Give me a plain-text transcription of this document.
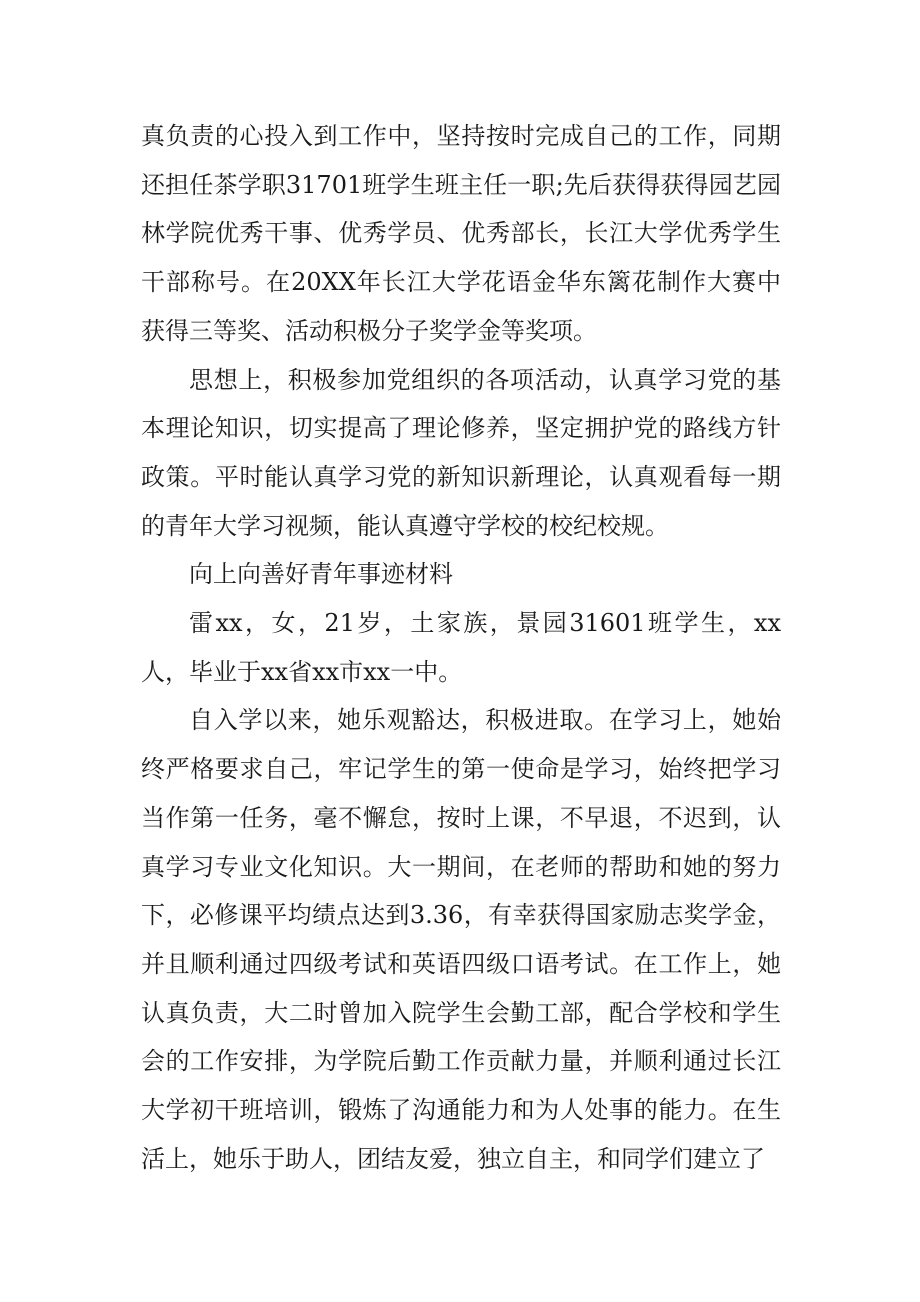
真负责的心投入到工作中，坚持按时完成自己的工作，同期还担任茶学职31701班学生班主任一职;先后获得获得园艺园林学院优秀干事、优秀学员、优秀部长，长江大学优秀学生干部称号。在20XX年长江大学花语金华东篱花制作大赛中获得三等奖、活动积极分子奖学金等奖项。

思想上，积极参加党组织的各项活动，认真学习党的基本理论知识，切实提高了理论修养，坚定拥护党的路线方针政策。平时能认真学习党的新知识新理论，认真观看每一期的青年大学习视频，能认真遵守学校的校纪校规。

向上向善好青年事迹材料

雷xx，女，21岁，土家族，景园31601班学生，xx人，毕业于xx省xx市xx一中。

自入学以来，她乐观豁达，积极进取。在学习上，她始终严格要求自己，牢记学生的第一使命是学习，始终把学习当作第一任务，毫不懈怠，按时上课，不早退，不迟到，认真学习专业文化知识。大一期间，在老师的帮助和她的努力下，必修课平均绩点达到3.36，有幸获得国家励志奖学金，并且顺利通过四级考试和英语四级口语考试。在工作上，她认真负责，大二时曾加入院学生会勤工部，配合学校和学生会的工作安排，为学院后勤工作贡献力量，并顺利通过长江大学初干班培训，锻炼了沟通能力和为人处事的能力。在生活上，她乐于助人，团结友爱，独立自主，和同学们建立了
